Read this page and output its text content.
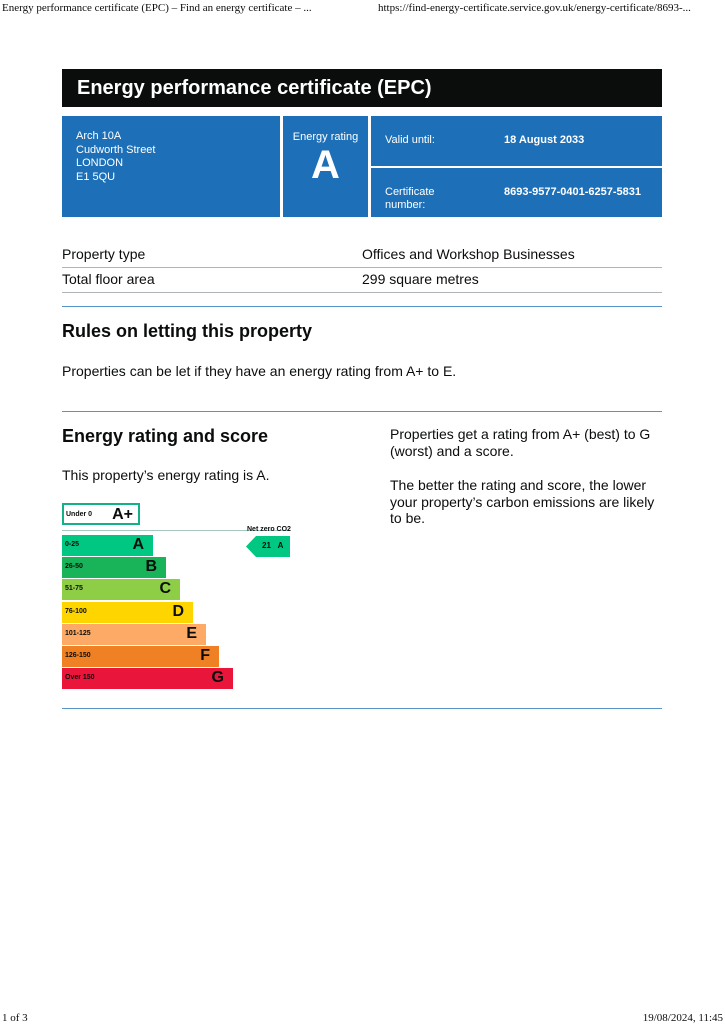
Energy performance certificate (EPC) – Find an energy certificate – ...	https://find-energy-certificate.service.gov.uk/energy-certificate/8693-...
Energy performance certificate (EPC)
Arch 10A
Cudworth Street
LONDON
E1 5QU
Energy rating
A
Valid until:	18 August 2033
Certificate
number:
8693-9577-0401-6257-5831
Property type	Offices and Workshop Businesses
Total floor area	299 square metres
Rules on letting this property
Properties can be let if they have an energy rating from A+ to E.
Energy rating and score
This property’s energy rating is A.
Properties get a rating from A+ (best) to G (worst) and a score.
The better the rating and score, the lower your property’s carbon emissions are likely to be.
Under 0 A+
Net zero CO2
0-25	A
26-50	B
51-75	C
76-100	D
101-125	E
126-150	F
Over 150	G
21 A
1 of 3	19/08/2024, 11:45
